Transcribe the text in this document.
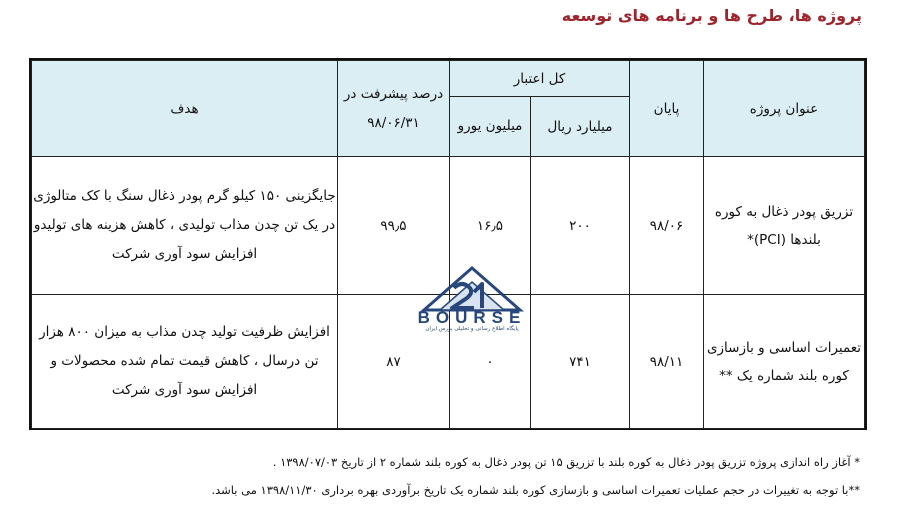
پروژه ها، طرح ها و برنامه های توسعه
عنوان پروژه	پایان	کل اعتبار		درصد پیشرفت در ۹۸/۰۶/۳۱	هدف
		میلیارد ریال	میلیون یورو		
تزریق پودر ذغال به کوره بلندها (PCI)*	۹۸/۰۶	۲۰۰	۱۶٫۵	۹۹٫۵	جایگزینی ۱۵۰ کیلو گرم پودر ذغال سنگ با کک متالوژی در یک تن چدن مذاب تولیدی ، کاهش هزینه های تولیدو افزایش سود آوری شرکت
تعمیرات اساسی و بازسازی کوره بلند شماره یک **	۹۸/۱۱	۷۴۱	۰	۸۷	افزایش ظرفیت تولید چدن مذاب به میزان ۸۰۰ هزار تن درسال ، کاهش قیمت تمام شده محصولات و افزایش سود آوری شرکت
BOURSE
پایگاه اطلاع رسانی و تحلیلی بورس ایران
* آغاز راه اندازی پروژه تزریق پودر ذغال به کوره بلند با تزریق ۱۵ تن پودر ذغال به کوره بلند شماره ۲ از تاریخ ۱۳۹۸/۰۷/۰۳ .
**با توجه به تغییرات در حجم عملیات تعمیرات اساسی و بازسازی کوره بلند شماره یک تاریخ برآوردی بهره برداری ۱۳۹۸/۱۱/۳۰ می باشد.
